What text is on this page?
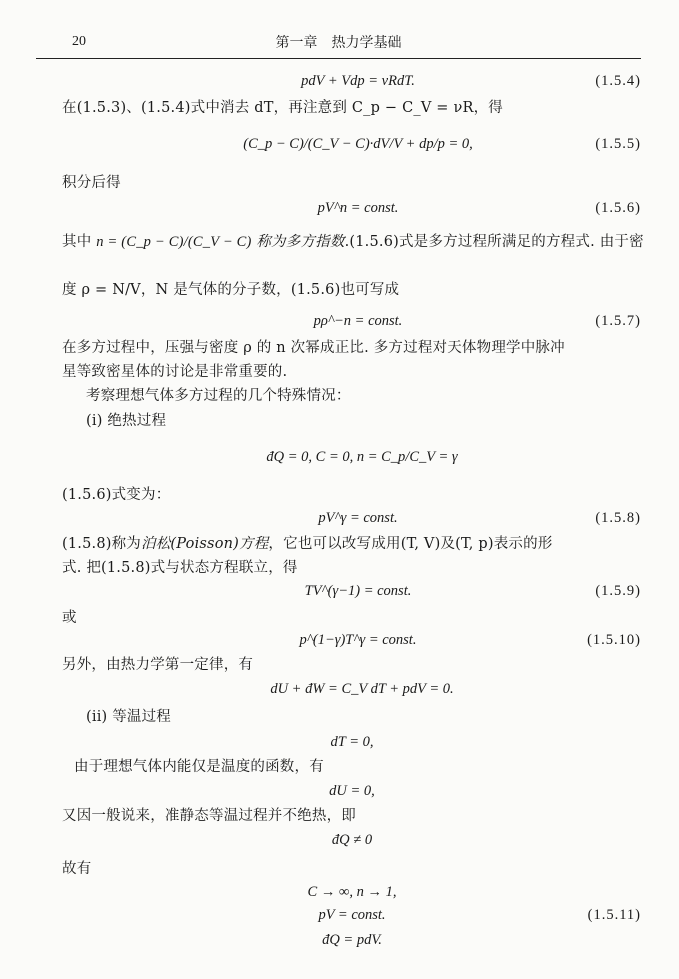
20	第一章　热力学基础
pdV + Vdp = νRdT.	(1.5.4)
在(1.5.3)、(1.5.4)式中消去 dT，再注意到 C_p − C_V = νR，得
(C_p − C)/(C_V − C)·dV/V + dp/p = 0,	(1.5.5)
积分后得
pV^n = const.	(1.5.6)
其中 n = (C_p − C)/(C_V − C) 称为多方指数.(1.5.6)式是多方过程所满足的方程式. 由于密
度 ρ = N/V，N 是气体的分子数，(1.5.6)也可写成
pρ^−n = const.	(1.5.7)
在多方过程中，压强与密度 ρ 的 n 次幂成正比. 多方过程对天体物理学中脉冲
星等致密星体的讨论是非常重要的.
考察理想气体多方过程的几个特殊情况：
(i) 绝热过程
đQ = 0, C = 0, n = C_p/C_V = γ
(1.5.6)式变为：
pV^γ = const.	(1.5.8)
(1.5.8)称为泊松(Poisson)方程，它也可以改写成用(T, V)及(T, p)表示的形
式. 把(1.5.8)式与状态方程联立，得
TV^(γ−1) = const.	(1.5.9)
或
p^(1−γ)T^γ = const.	(1.5.10)
另外，由热力学第一定律，有
dU + đW = C_V dT + pdV = 0.
(ii) 等温过程
dT = 0,
由于理想气体内能仅是温度的函数，有
dU = 0,
又因一般说来，准静态等温过程并不绝热，即
đQ ≠ 0
故有
C → ∞, n → 1,
pV = const.	(1.5.11)
đQ = pdV.
